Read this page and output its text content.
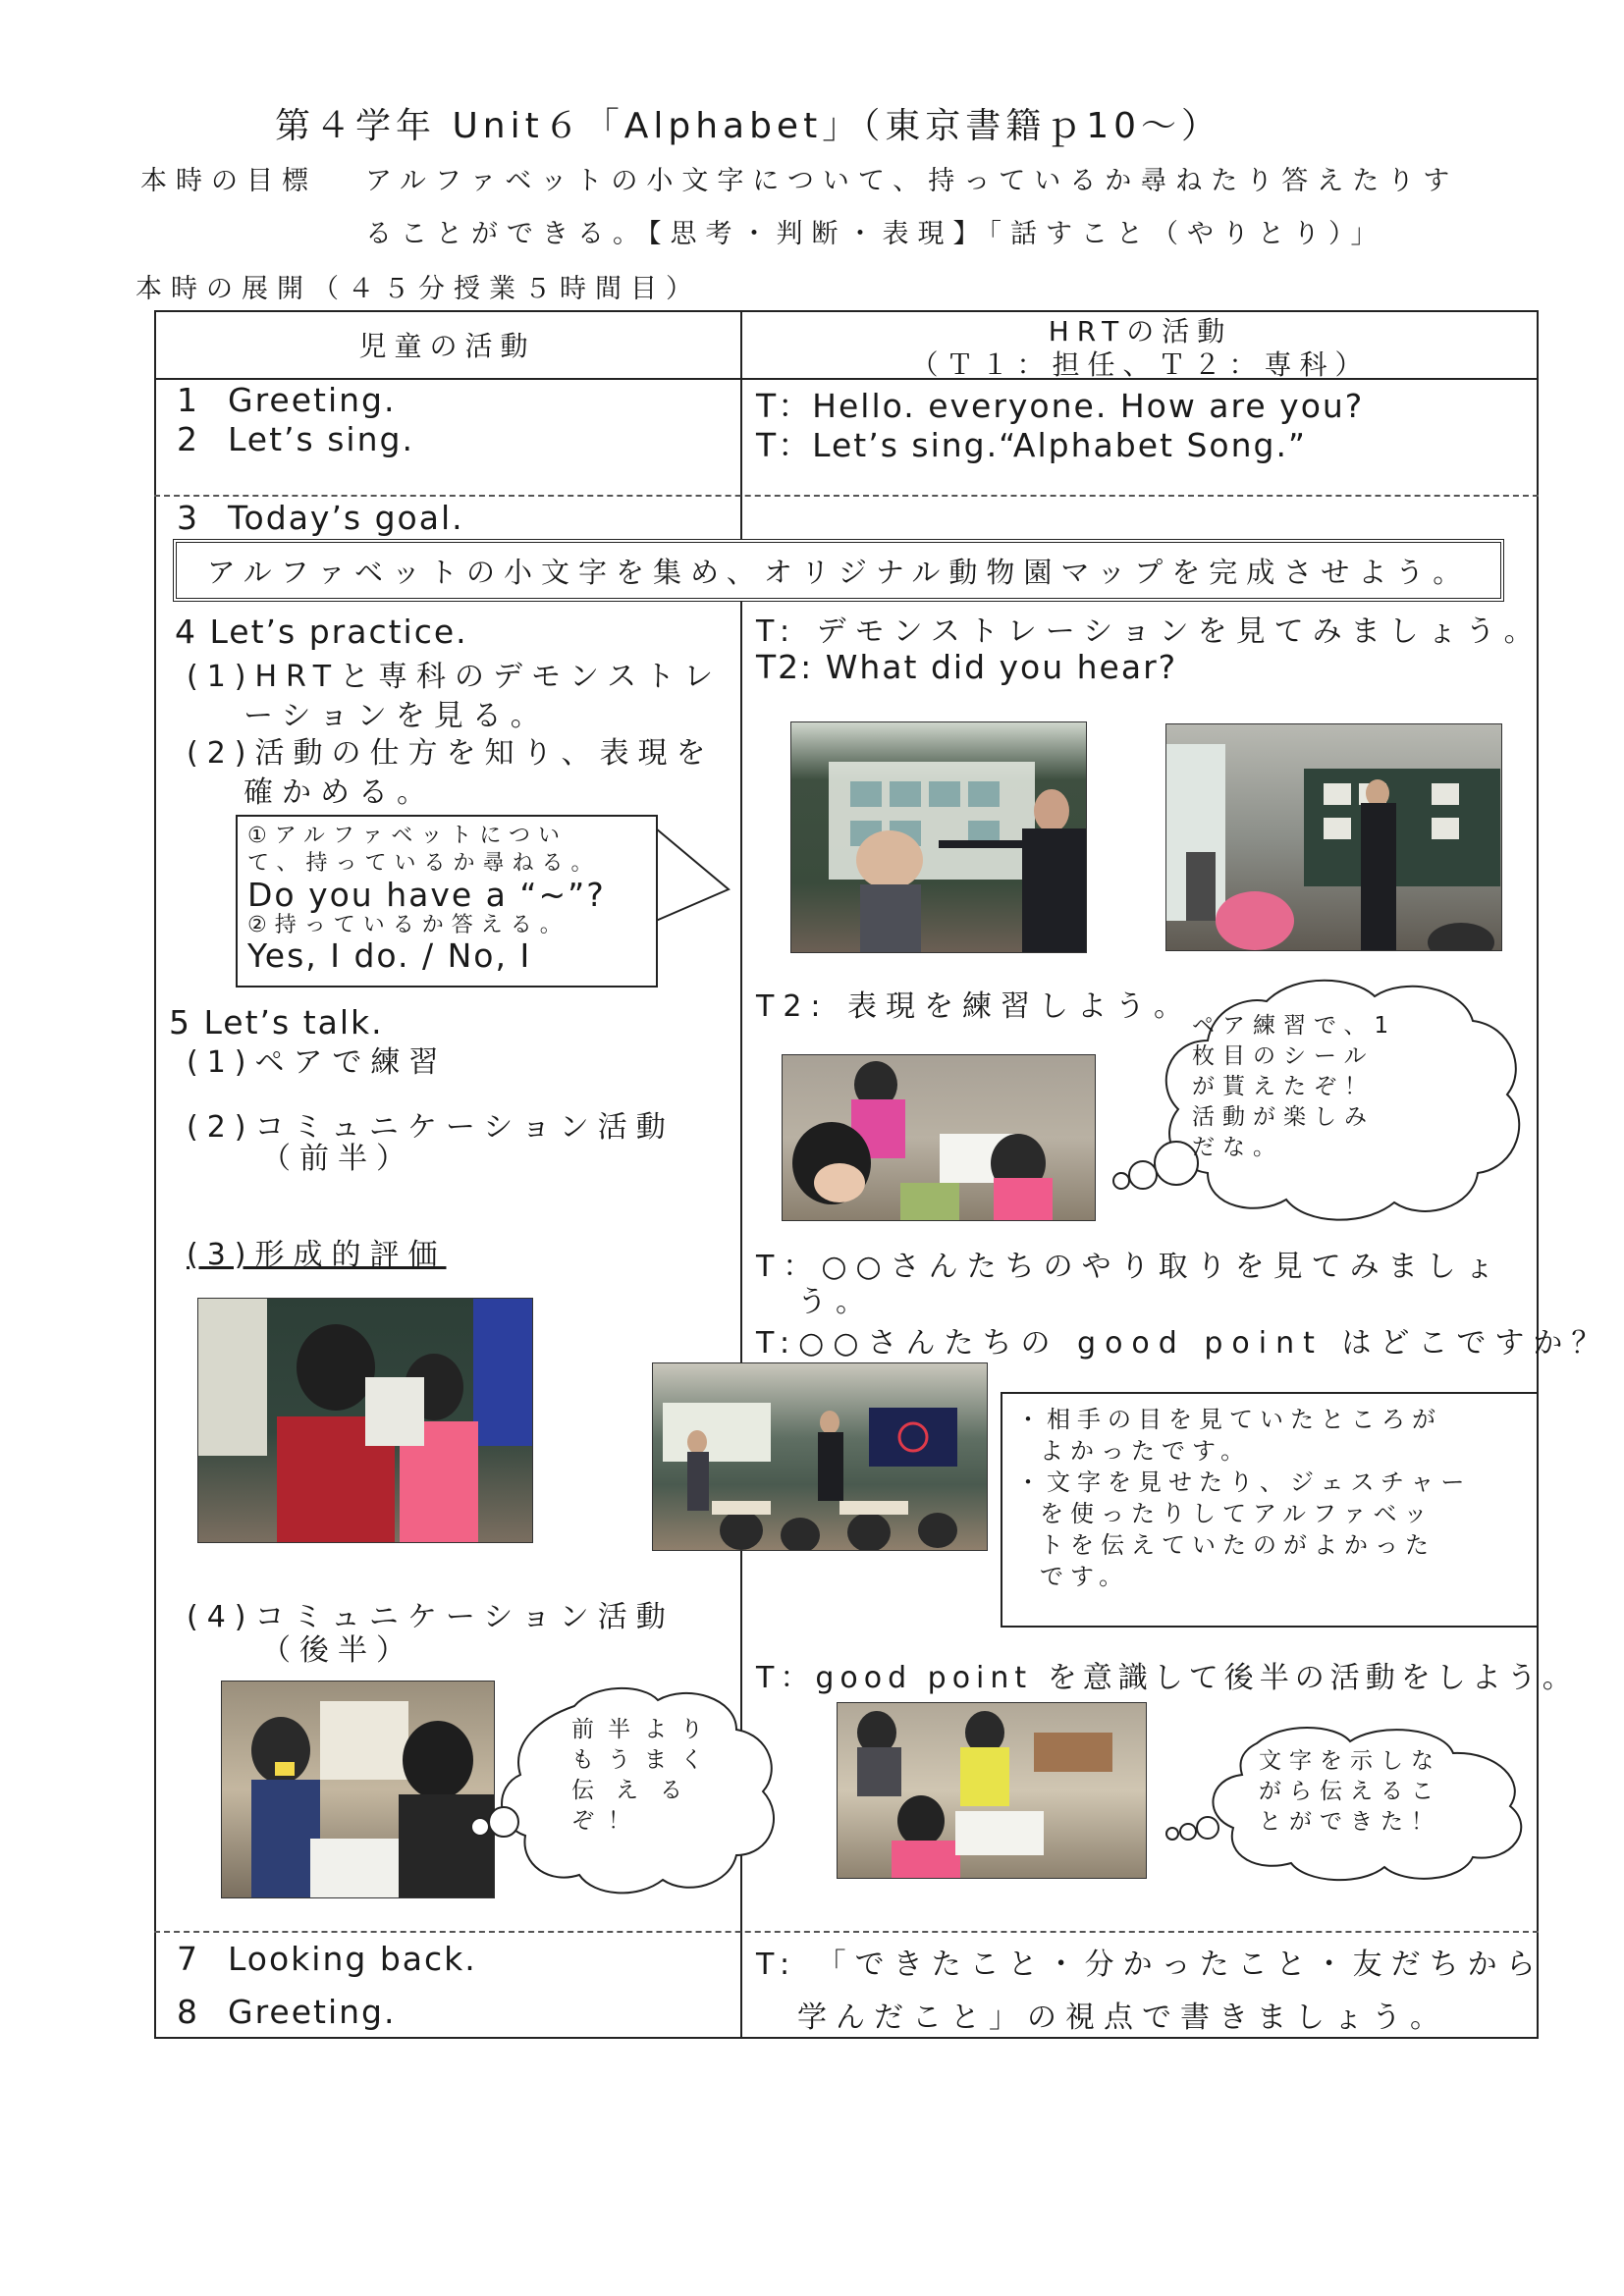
第４学年 Unit６「Alphabet」（東京書籍ｐ10～）
本時の目標 アルファベットの小文字について、持っているか尋ねたり答えたりす
ることができる。【思考・判断・表現】「話すこと（やりとり）」
本時の展開（４５分授業５時間目）
児童の活動	HRTの活動
（Ｔ１：担任、Ｔ２：専科）
1 Greeting.
2 Let’s sing.
T：Hello. everyone. How are you?
T：Let’s sing.“Alphabet Song.”
3 Today’s goal.
アルファベットの小文字を集め、オリジナル動物園マップを完成させよう。
4 Let’s practice.
(1)HRTと専科のデモンストレ
ーションを見る。
(2)活動の仕方を知り、表現を
確かめる。
T: デモンストレーションを見てみましょう。
T2: What did you hear?
①アルファベットについ
て、持っているか尋ねる。
Do you have a “~”?
②持っているか答える。
Yes, I do. / No, I
5 Let’s talk.
(1)ペアで練習
(2)コミュニケーション活動
（前半）
(3)形成的評価
T2: 表現を練習しよう。
ペア練習で、1
枚目のシール
が貰えたぞ！
活動が楽しみ
だな。
T：○○さんたちのやり取りを見てみましょ
う。
T:○○さんたちの good point はどこですか？
・相手の目を見ていたところが
よかったです。
・文字を見せたり、ジェスチャー
を使ったりしてアルファベッ
トを伝えていたのがよかった
です。
(4)コミュニケーション活動
（後半）
T：good point を意識して後半の活動をしよう。
前半より
もうまく
伝える
ぞ！
文字を示しな
がら伝えるこ
とができた！
7 Looking back.
8 Greeting.
T: 「できたこと・分かったこと・友だちから
学んだこと」の視点で書きましょう。
